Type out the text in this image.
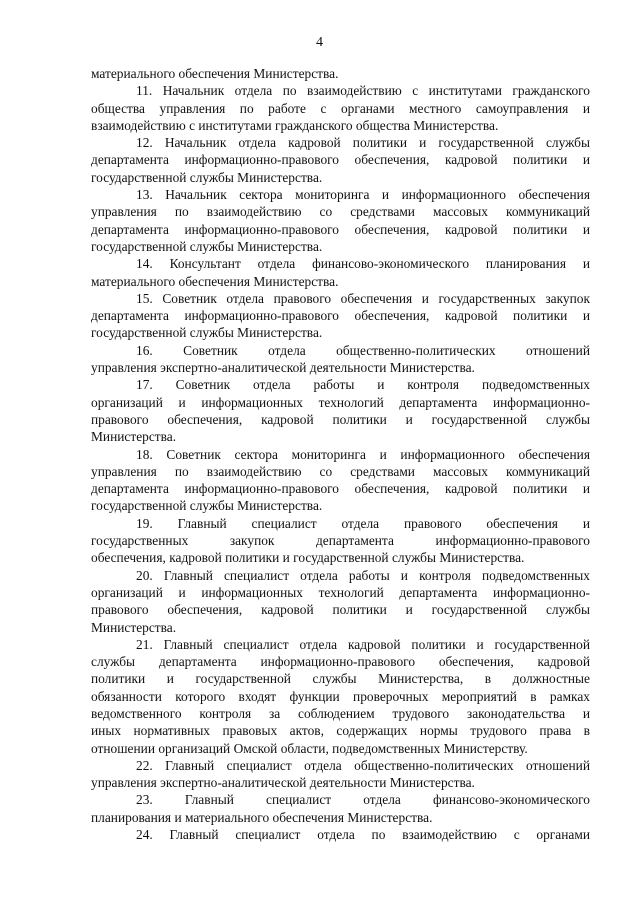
4
материального обеспечения Министерства.
11. Начальник отдела по взаимодействию с институтами гражданского
общества управления по работе с органами местного самоуправления и
взаимодействию с институтами гражданского общества Министерства.
12. Начальник отдела кадровой политики и государственной службы
департамента информационно-правового обеспечения, кадровой политики и
государственной службы Министерства.
13. Начальник сектора мониторинга и информационного обеспечения
управления по взаимодействию со средствами массовых коммуникаций
департамента информационно-правового обеспечения, кадровой политики и
государственной службы Министерства.
14. Консультант отдела финансово-экономического планирования и
материального обеспечения Министерства.
15. Советник отдела правового обеспечения и государственных закупок
департамента информационно-правового обеспечения, кадровой политики и
государственной службы Министерства.
16. Советник отдела общественно-политических отношений
управления экспертно-аналитической деятельности Министерства.
17. Советник отдела работы и контроля подведомственных
организаций и информационных технологий департамента информационно-
правового обеспечения, кадровой политики и государственной службы
Министерства.
18. Советник сектора мониторинга и информационного обеспечения
управления по взаимодействию со средствами массовых коммуникаций
департамента информационно-правового обеспечения, кадровой политики и
государственной службы Министерства.
19. Главный специалист отдела правового обеспечения и
государственных закупок департамента информационно-правового
обеспечения, кадровой политики и государственной службы Министерства.
20. Главный специалист отдела работы и контроля подведомственных
организаций и информационных технологий департамента информационно-
правового обеспечения, кадровой политики и государственной службы
Министерства.
21. Главный специалист отдела кадровой политики и государственной
службы департамента информационно-правового обеспечения, кадровой
политики и государственной службы Министерства, в должностные
обязанности которого входят функции проверочных мероприятий в рамках
ведомственного контроля за соблюдением трудового законодательства и
иных нормативных правовых актов, содержащих нормы трудового права в
отношении организаций Омской области, подведомственных Министерству.
22. Главный специалист отдела общественно-политических отношений
управления экспертно-аналитической деятельности Министерства.
23. Главный специалист отдела финансово-экономического
планирования и материального обеспечения Министерства.
24. Главный специалист отдела по взаимодействию с органами
